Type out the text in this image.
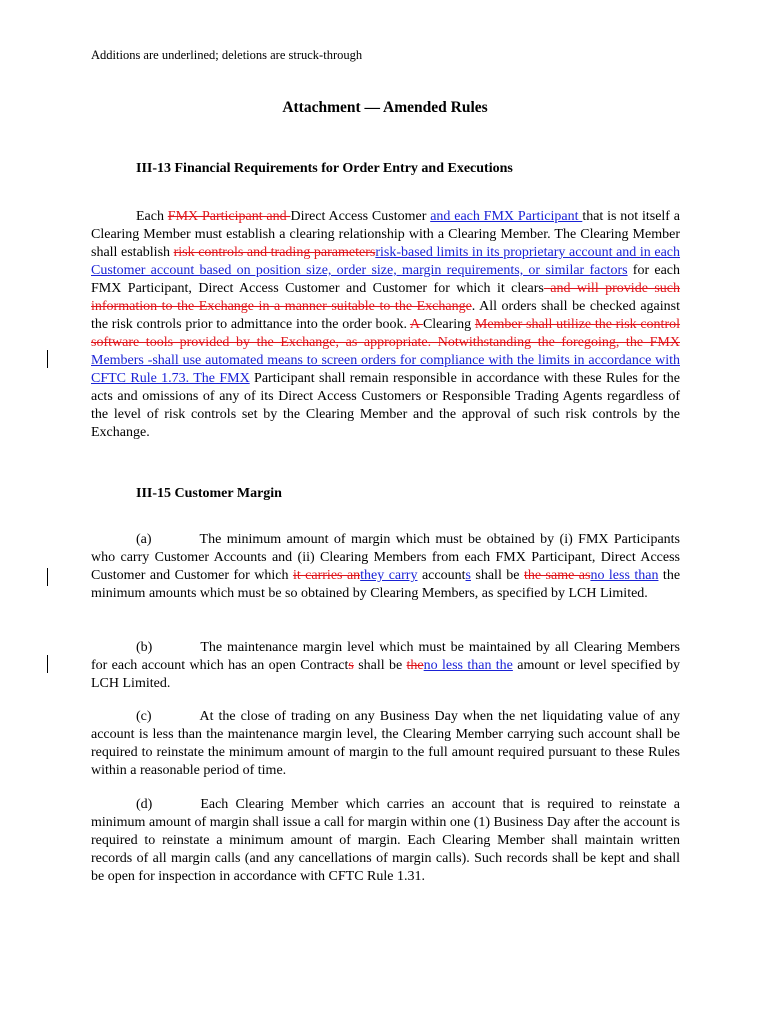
Additions are underlined; deletions are struck-through
Attachment — Amended Rules
III-13 Financial Requirements for Order Entry and Executions
Each FMX Participant and Direct Access Customer and each FMX Participant that is not itself a Clearing Member must establish a clearing relationship with a Clearing Member. The Clearing Member shall establish risk controls and trading parametersrisk-based limits in its proprietary account and in each Customer account based on position size, order size, margin requirements, or similar factors for each FMX Participant, Direct Access Customer and Customer for which it clears and will provide such information to the Exchange in a manner suitable to the Exchange. All orders shall be checked against the risk controls prior to admittance into the order book. A Clearing Member shall utilize the risk control software tools provided by the Exchange, as appropriate. Notwithstanding the foregoing, the FMX Members -shall use automated means to screen orders for compliance with the limits in accordance with CFTC Rule 1.73. The FMX Participant shall remain responsible in accordance with these Rules for the acts and omissions of any of its Direct Access Customers or Responsible Trading Agents regardless of the level of risk controls set by the Clearing Member and the approval of such risk controls by the Exchange.
III-15 Customer Margin
(a)	The minimum amount of margin which must be obtained by (i) FMX Participants who carry Customer Accounts and (ii) Clearing Members from each FMX Participant, Direct Access Customer and Customer for which it carries anthey carry accounts shall be the same asno less than the minimum amounts which must be so obtained by Clearing Members, as specified by LCH Limited.
(b)	The maintenance margin level which must be maintained by all Clearing Members for each account which has an open Contracts shall be theno less than the amount or level specified by LCH Limited.
(c)	At the close of trading on any Business Day when the net liquidating value of any account is less than the maintenance margin level, the Clearing Member carrying such account shall be required to reinstate the minimum amount of margin to the full amount required pursuant to these Rules within a reasonable period of time.
(d)	Each Clearing Member which carries an account that is required to reinstate a minimum amount of margin shall issue a call for margin within one (1) Business Day after the account is required to reinstate a minimum amount of margin. Each Clearing Member shall maintain written records of all margin calls (and any cancellations of margin calls). Such records shall be kept and shall be open for inspection in accordance with CFTC Rule 1.31.
